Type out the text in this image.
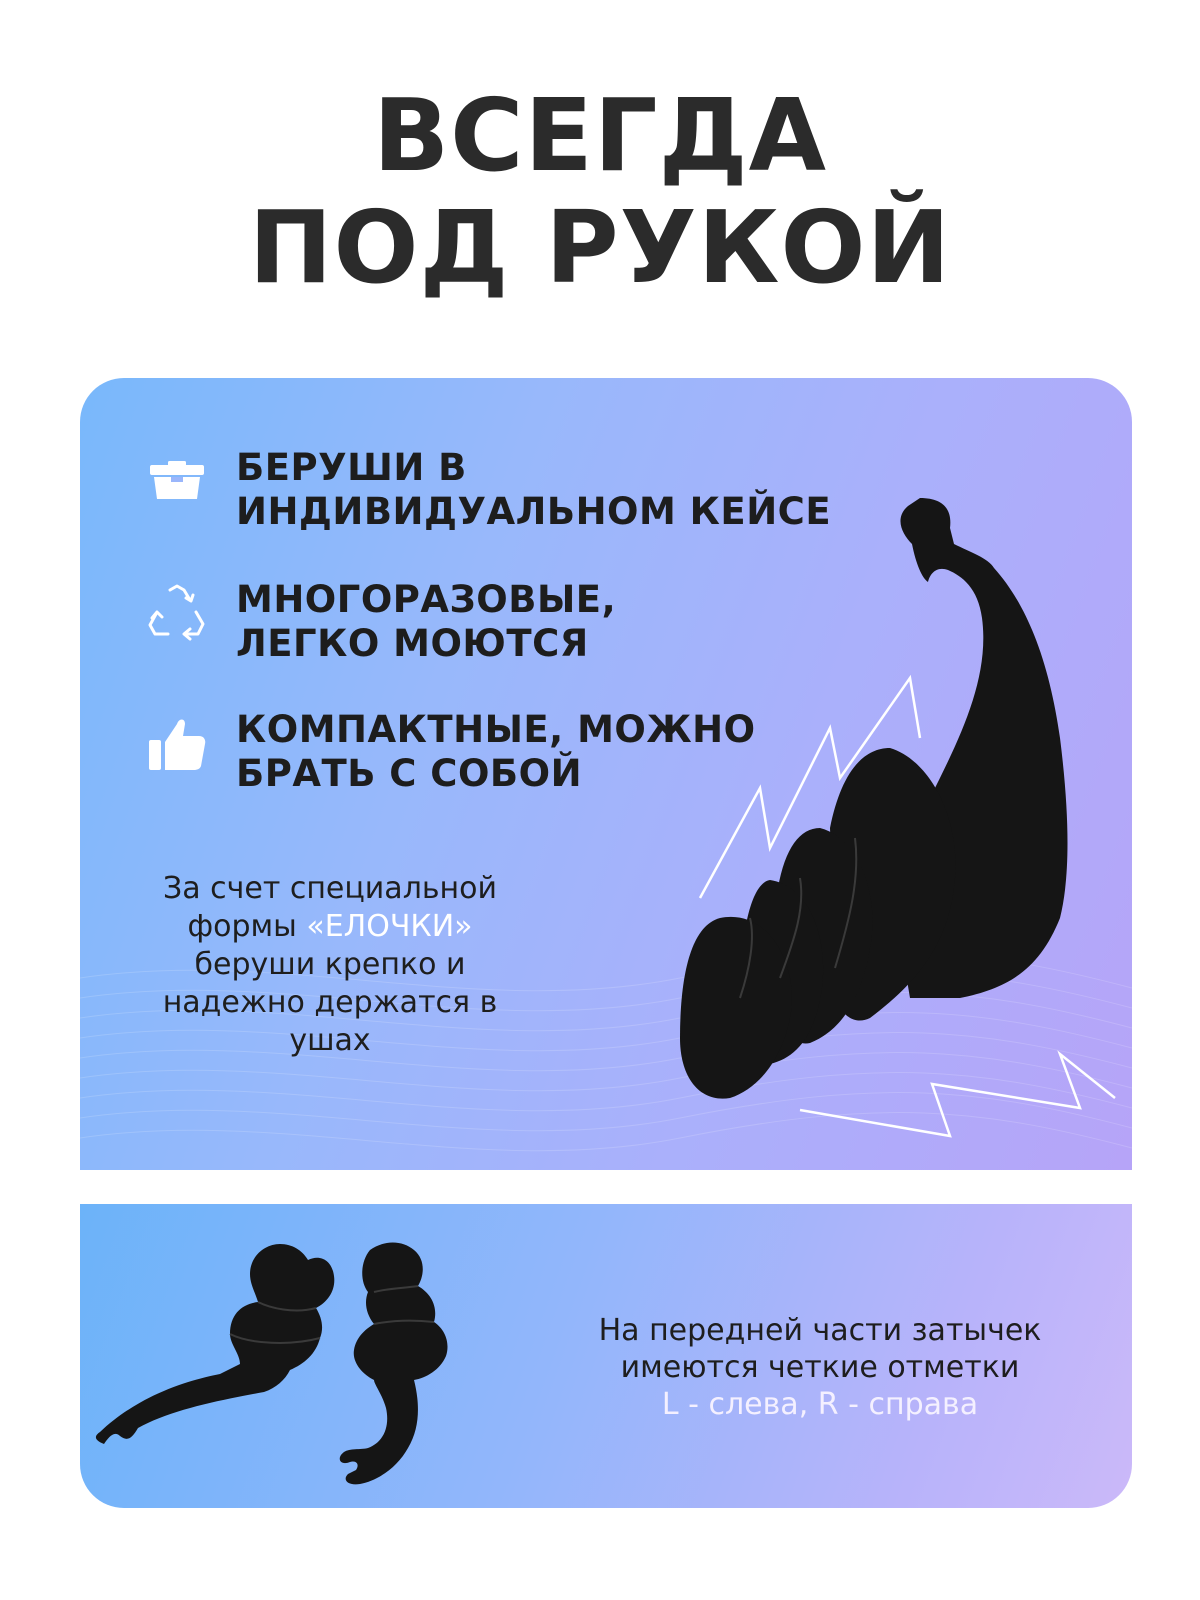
ВСЕГДА
ПОД РУКОЙ
БЕРУШИ В
ИНДИВИДУАЛЬНОМ КЕЙСЕ
МНОГОРАЗОВЫЕ,
ЛЕГКО МОЮТСЯ
КОМПАКТНЫЕ, МОЖНО
БРАТЬ С СОБОЙ
За счет специальной формы «ЕЛОЧКИ» беруши крепко и надежно держатся в ушах
На передней части затычек имеются четкие отметки
L - слева, R - справа
